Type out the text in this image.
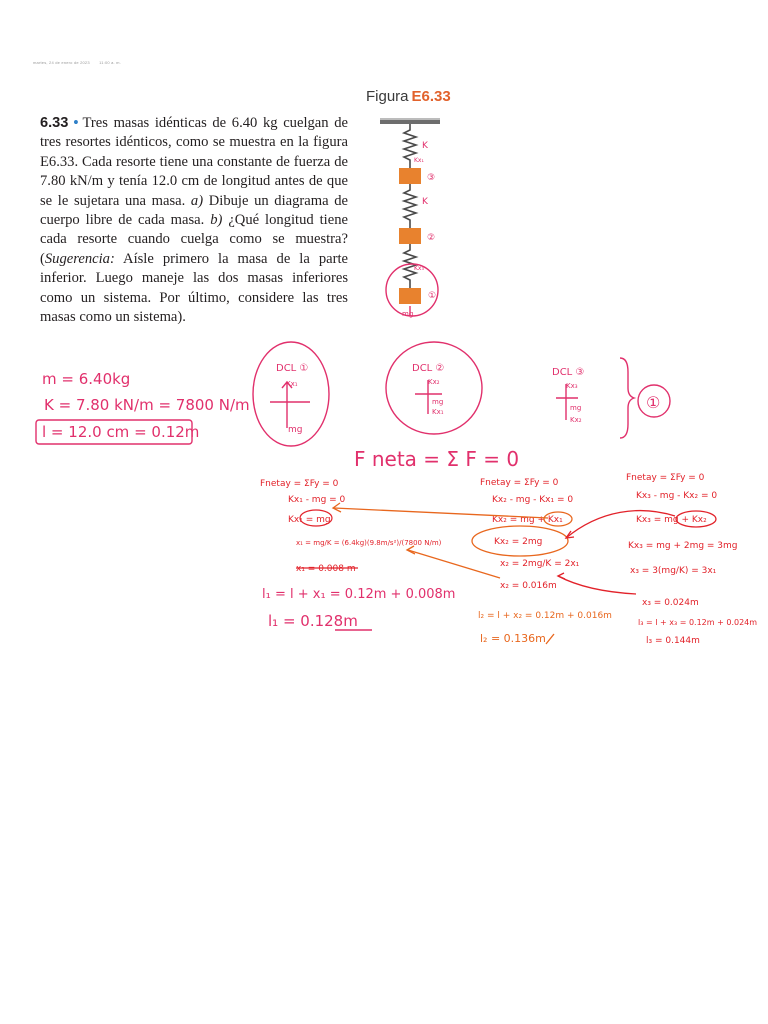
martes, 24 de enero de 2023 11:00 a. m.
6.33 • Tres masas idénticas de 6.40 kg cuelgan de tres resortes idénticos, como se muestra en la figura E6.33. Cada resorte tiene una constante de fuerza de 7.80 kN/m y tenía 12.0 cm de longitud antes de que se le sujetara una masa. a) Dibuje un diagrama de cuerpo libre de cada masa. b) ¿Qué longitud tiene cada resorte cuando cuelga como se muestra? (Sugerencia: Aísle primero la masa de la parte inferior. Luego maneje las dos masas inferiores como un sistema. Por último, considere las tres masas como un sistema).
Figura E6.33
K
Kx₁
③
K
②
Kx₃
①
mg
m = 6.40kg
K = 7.80 kN/m = 7800 N/m
l = 12.0 cm = 0.12m
DCL ①
Kx₁
mg
DCL ②
Kx₂
mg
Kx₁
DCL ③
Kx₃
mg
Kx₂
①
F neta = Σ F = 0
Fnetay = ΣFy = 0
Kx₁ - mg = 0
Kx₁ = mg
x₁ = mg/K = (6.4kg)(9.8m/s²)/(7800 N/m)
x₁ = 0.008 m
l₁ = l + x₁ = 0.12m + 0.008m
l₁ = 0.128m
Fnetay = ΣFy = 0
Kx₂ - mg - Kx₁ = 0
Kx₂ = mg + Kx₁
Kx₂ = 2mg
x₂ = 2mg/K = 2x₁
x₂ = 0.016m
l₂ = l + x₂ = 0.12m + 0.016m
l₂ = 0.136m
Fnetay = ΣFy = 0
Kx₃ - mg - Kx₂ = 0
Kx₃ = mg + Kx₂
Kx₃ = mg + 2mg = 3mg
x₃ = 3(mg/K) = 3x₁
x₃ = 0.024m
l₃ = l + x₃ = 0.12m + 0.024m
l₃ = 0.144m
